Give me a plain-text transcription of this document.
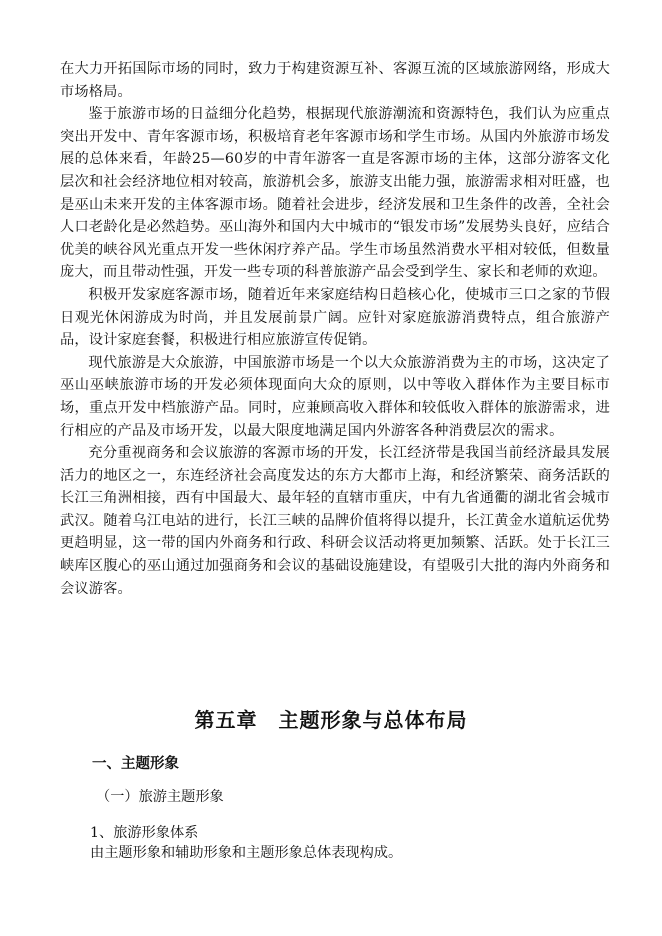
在大力开拓国际市场的同时，致力于构建资源互补、客源互流的区域旅游网络，形成大市场格局。

鉴于旅游市场的日益细分化趋势，根据现代旅游潮流和资源特色，我们认为应重点突出开发中、青年客源市场，积极培育老年客源市场和学生市场。从国内外旅游市场发展的总体来看，年龄25—60岁的中青年游客一直是客源市场的主体，这部分游客文化层次和社会经济地位相对较高，旅游机会多，旅游支出能力强，旅游需求相对旺盛，也是巫山未来开发的主体客源市场。随着社会进步，经济发展和卫生条件的改善，全社会人口老龄化是必然趋势。巫山海外和国内大中城市的“银发市场”发展势头良好，应结合优美的峡谷风光重点开发一些休闲疗养产品。学生市场虽然消费水平相对较低，但数量庞大，而且带动性强，开发一些专项的科普旅游产品会受到学生、家长和老师的欢迎。

积极开发家庭客源市场，随着近年来家庭结构日趋核心化，使城市三口之家的节假日观光休闲游成为时尚，并且发展前景广阔。应针对家庭旅游消费特点，组合旅游产品，设计家庭套餐，积极进行相应旅游宣传促销。

现代旅游是大众旅游，中国旅游市场是一个以大众旅游消费为主的市场，这决定了巫山巫峡旅游市场的开发必须体现面向大众的原则，以中等收入群体作为主要目标市场，重点开发中档旅游产品。同时，应兼顾高收入群体和较低收入群体的旅游需求，进行相应的产品及市场开发，以最大限度地满足国内外游客各种消费层次的需求。

充分重视商务和会议旅游的客源市场的开发，长江经济带是我国当前经济最具发展活力的地区之一，东连经济社会高度发达的东方大都市上海，和经济繁荣、商务活跃的长江三角洲相接，西有中国最大、最年轻的直辖市重庆，中有九省通衢的湖北省会城市武汉。随着乌江电站的进行，长江三峡的品牌价值将得以提升，长江黄金水道航运优势更趋明显，这一带的国内外商务和行政、科研会议活动将更加频繁、活跃。处于长江三峡库区腹心的巫山通过加强商务和会议的基础设施建设，有望吸引大批的海内外商务和会议游客。

第五章　主题形象与总体布局
一、主题形象
（一）旅游主题形象
1、旅游形象体系
由主题形象和辅助形象和主题形象总体表现构成。
